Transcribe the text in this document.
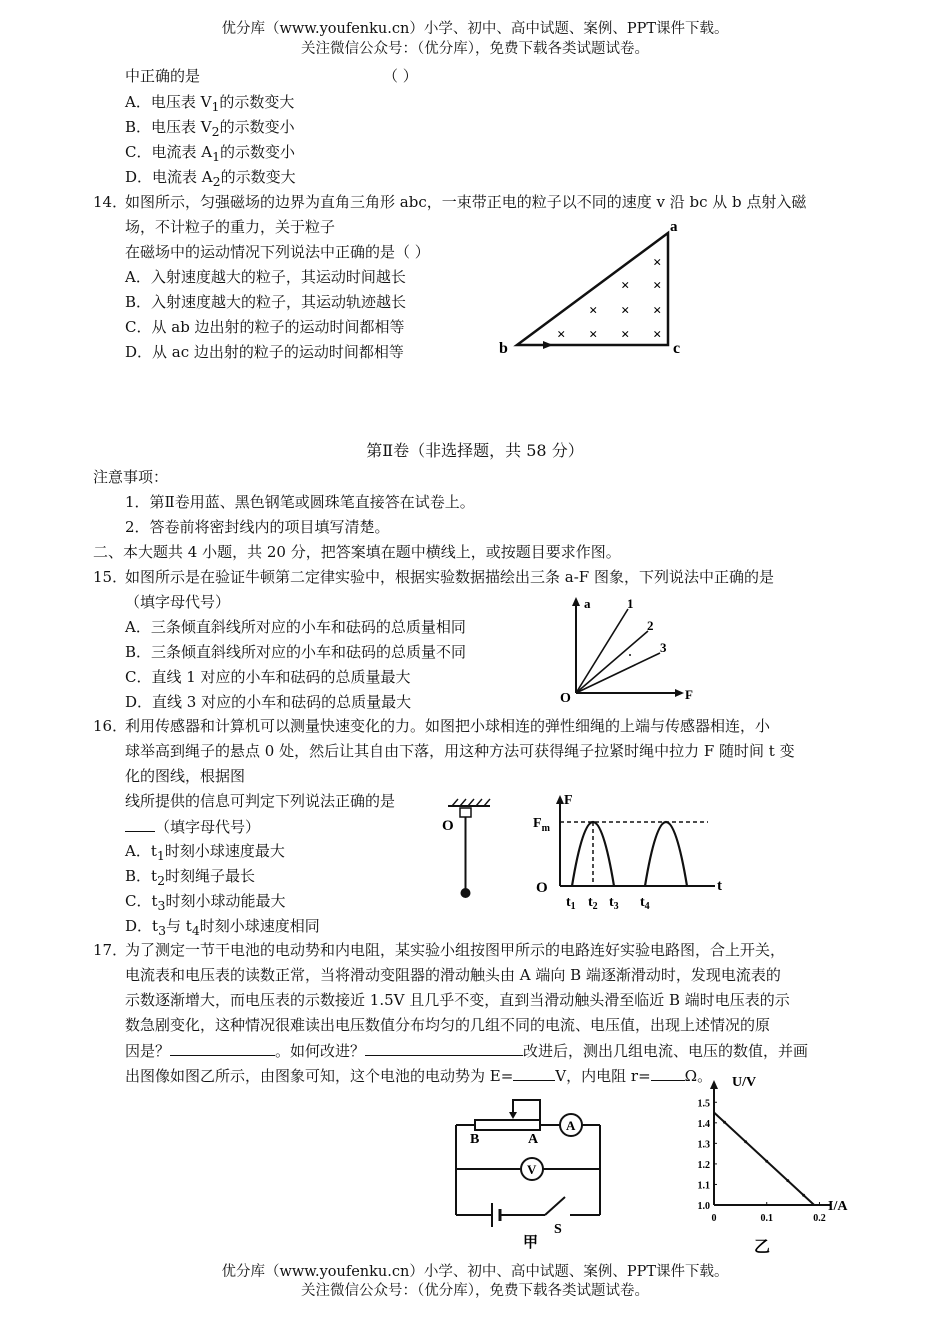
优分库（www.youfenku.cn）小学、初中、高中试题、案例、PPT课件下载。
关注微信公众号：（优分库），免费下载各类试题试卷。
中正确的是	（ ）
A．电压表 $V_1$的示数变大
B．电压表 $V_2$的示数变小
C．电流表 $A_1$的示数变小
D．电流表 $A_2$的示数变大
14．
如图所示，匀强磁场的边界为直角三角形 abc，一束带正电的粒子以不同的速度 v 沿 bc 从 b 点射入磁
场，不计粒子的重力，关于粒子
在磁场中的运动情况下列说法中正确的是（ ）
A．入射速度越大的粒子，其运动时间越长
B．入射速度越大的粒子，其运动轨迹越长
C．从 ab 边出射的粒子的运动时间都相等
D．从 ac 边出射的粒子的运动时间都相等
a
b	c
×
× ×
× × ×
× × × ×
第Ⅱ卷（非选择题，共 58 分）
注意事项：
1．第Ⅱ卷用蓝、黑色钢笔或圆珠笔直接答在试卷上。
2．答卷前将密封线内的项目填写清楚。
二、本大题共 4 小题，共 20 分，把答案填在题中横线上，或按题目要求作图。
15．
如图所示是在验证牛顿第二定律实验中，根据实验数据描绘出三条 a-F 图象，下列说法中正确的是
（填字母代号）
A．三条倾直斜线所对应的小车和砝码的总质量相同
B．三条倾直斜线所对应的小车和砝码的总质量不同
C．直线 1 对应的小车和砝码的总质量最大
D．直线 3 对应的小车和砝码的总质量最大
a
F
O
1
2
3
16．
利用传感器和计算机可以测量快速变化的力。如图把小球相连的弹性细绳的上端与传感器相连，小
球举高到绳子的悬点 0 处，然后让其自由下落，用这种方法可获得绳子拉紧时绳中拉力 F 随时间 t 变
化的图线，根据图
线所提供的信息可判定下列说法正确的是
（填字母代号）
A．$t_1$时刻小球速度最大
B．$t_2$时刻绳子最长
C．$t_3$时刻小球动能最大
D．$t_3$与 $t_4$时刻小球速度相同
O
F
t
O
$F_m$
$t_1$ $t_2$ $t_3$ $t_4$
17．
为了测定一节干电池的电动势和内电阻，某实验小组按图甲所示的电路连好实验电路图，合上开关，
电流表和电压表的读数正常，当将滑动变阻器的滑动触头由 A 端向 B 端逐渐滑动时，发现电流表的
示数逐渐增大，而电压表的示数接近 1.5V 且几乎不变，直到当滑动触头滑至临近 B 端时电压表的示
数急剧变化，这种情况很难读出电压数值分布均匀的几组不同的电流、电压值，出现上述情况的原
因是？	。如何改进？	改进后，测出几组电流、电压的数值，并画
出图像如图乙所示，由图象可知，这个电池的电动势为 E=	V，内电阻 r= Ω。
A
V
B	A
S
甲
0	0.1	0.2
1.0
1.1
1.2
1.3
1.4
1.5
U/V
I/A
乙
优分库（www.youfenku.cn）小学、初中、高中试题、案例、PPT课件下载。
关注微信公众号：（优分库），免费下载各类试题试卷。
